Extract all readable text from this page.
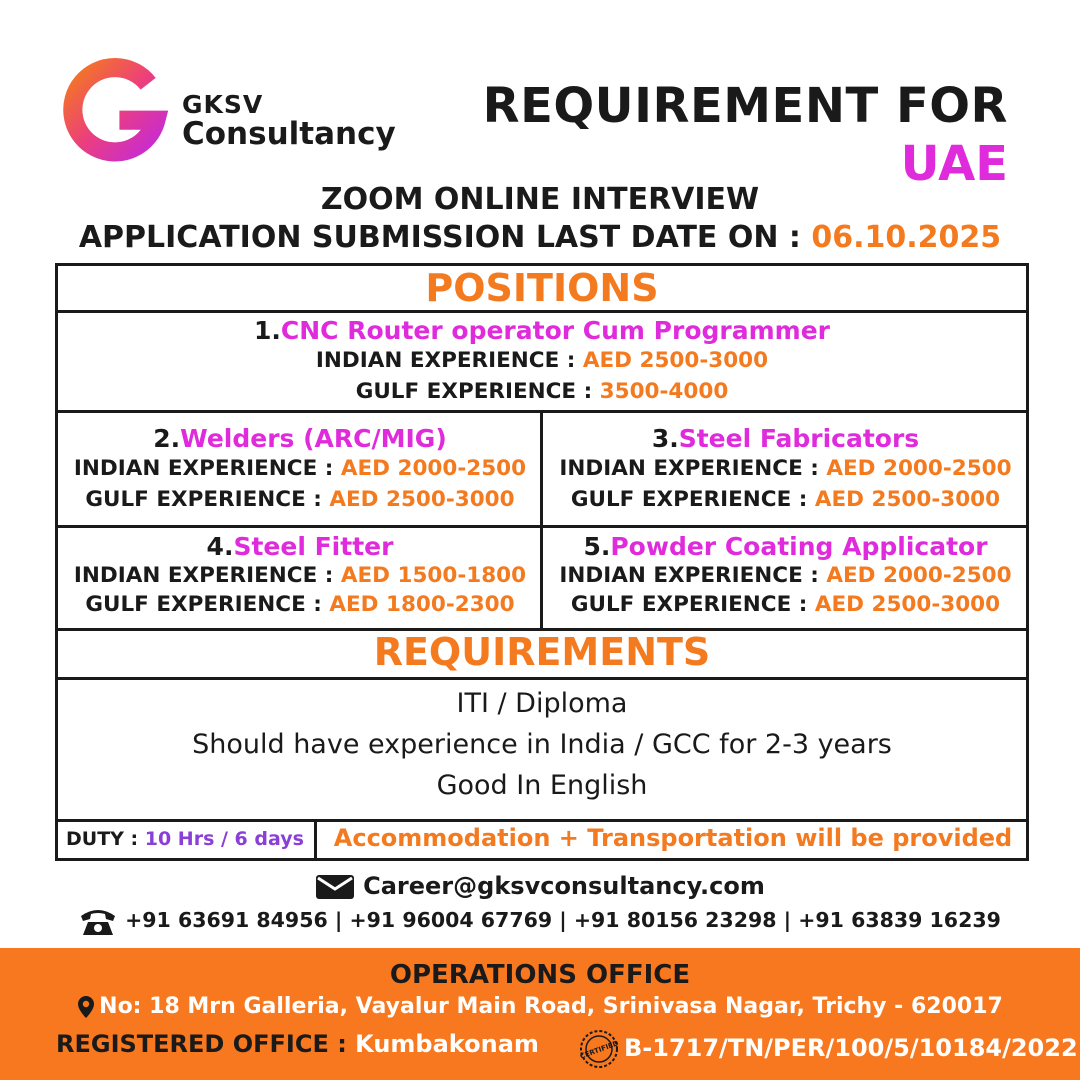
GKSV
Consultancy
REQUIREMENT FOR
UAE
ZOOM ONLINE INTERVIEW
APPLICATION SUBMISSION LAST DATE ON : 06.10.2025
POSITIONS
1.CNC Router operator Cum Programmer
INDIAN EXPERIENCE : AED 2500-3000
GULF EXPERIENCE : 3500-4000
2.Welders (ARC/MIG)
INDIAN EXPERIENCE : AED 2000-2500
GULF EXPERIENCE : AED 2500-3000
3.Steel Fabricators
INDIAN EXPERIENCE : AED 2000-2500
GULF EXPERIENCE : AED 2500-3000
4.Steel Fitter
INDIAN EXPERIENCE : AED 1500-1800
GULF EXPERIENCE : AED 1800-2300
5.Powder Coating Applicator
INDIAN EXPERIENCE : AED 2000-2500
GULF EXPERIENCE : AED 2500-3000
REQUIREMENTS
ITI / Diploma
Should have experience in India / GCC for 2-3 years
Good In English
DUTY : 10 Hrs / 6 days	Accommodation + Transportation will be provided
Career@gksvconsultancy.com
+91 63691 84956 | +91 96004 67769 | +91 80156 23298 | +91 63839 16239
OPERATIONS OFFICE
No: 18 Mrn Galleria, Vayalur Main Road, Srinivasa Nagar, Trichy - 620017
REGISTERED OFFICE : Kumbakonam	CERTIFIED B-1717/TN/PER/100/5/10184/2022
